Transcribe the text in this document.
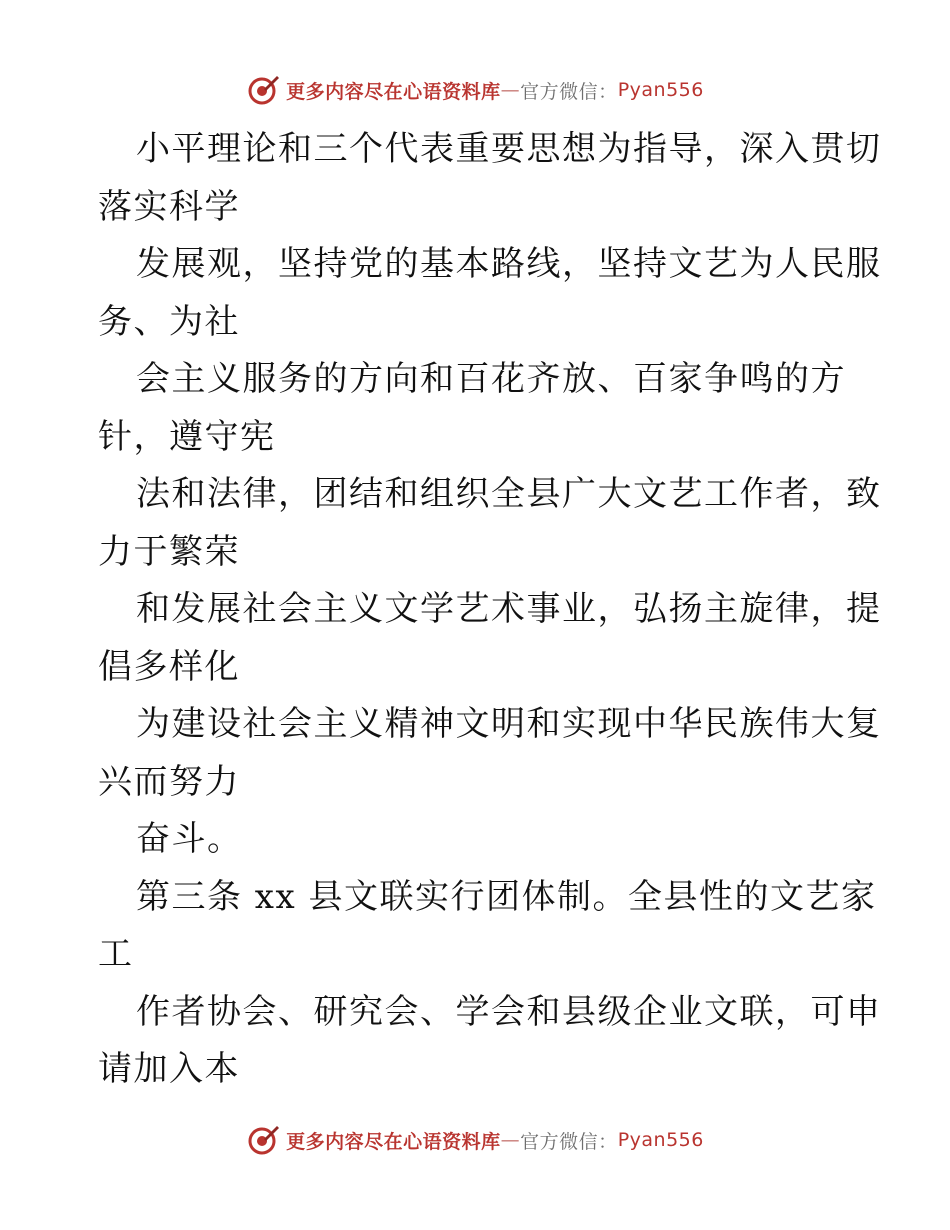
更多内容尽在心语资料库 — 官方微信： Pyan556
小平理论和三个代表重要思想为指导，深入贯切
落实科学
发展观，坚持党的基本路线，坚持文艺为人民服
务、为社
会主义服务的方向和百花齐放、百家争鸣的方
针，遵守宪
法和法律，团结和组织全县广大文艺工作者，致
力于繁荣
和发展社会主义文学艺术事业，弘扬主旋律，提
倡多样化
为建设社会主义精神文明和实现中华民族伟大复
兴而努力
奋斗。
第三条 xx 县文联实行团体制。全县性的文艺家
工
作者协会、研究会、学会和县级企业文联，可申
请加入本
更多内容尽在心语资料库 — 官方微信： Pyan556
